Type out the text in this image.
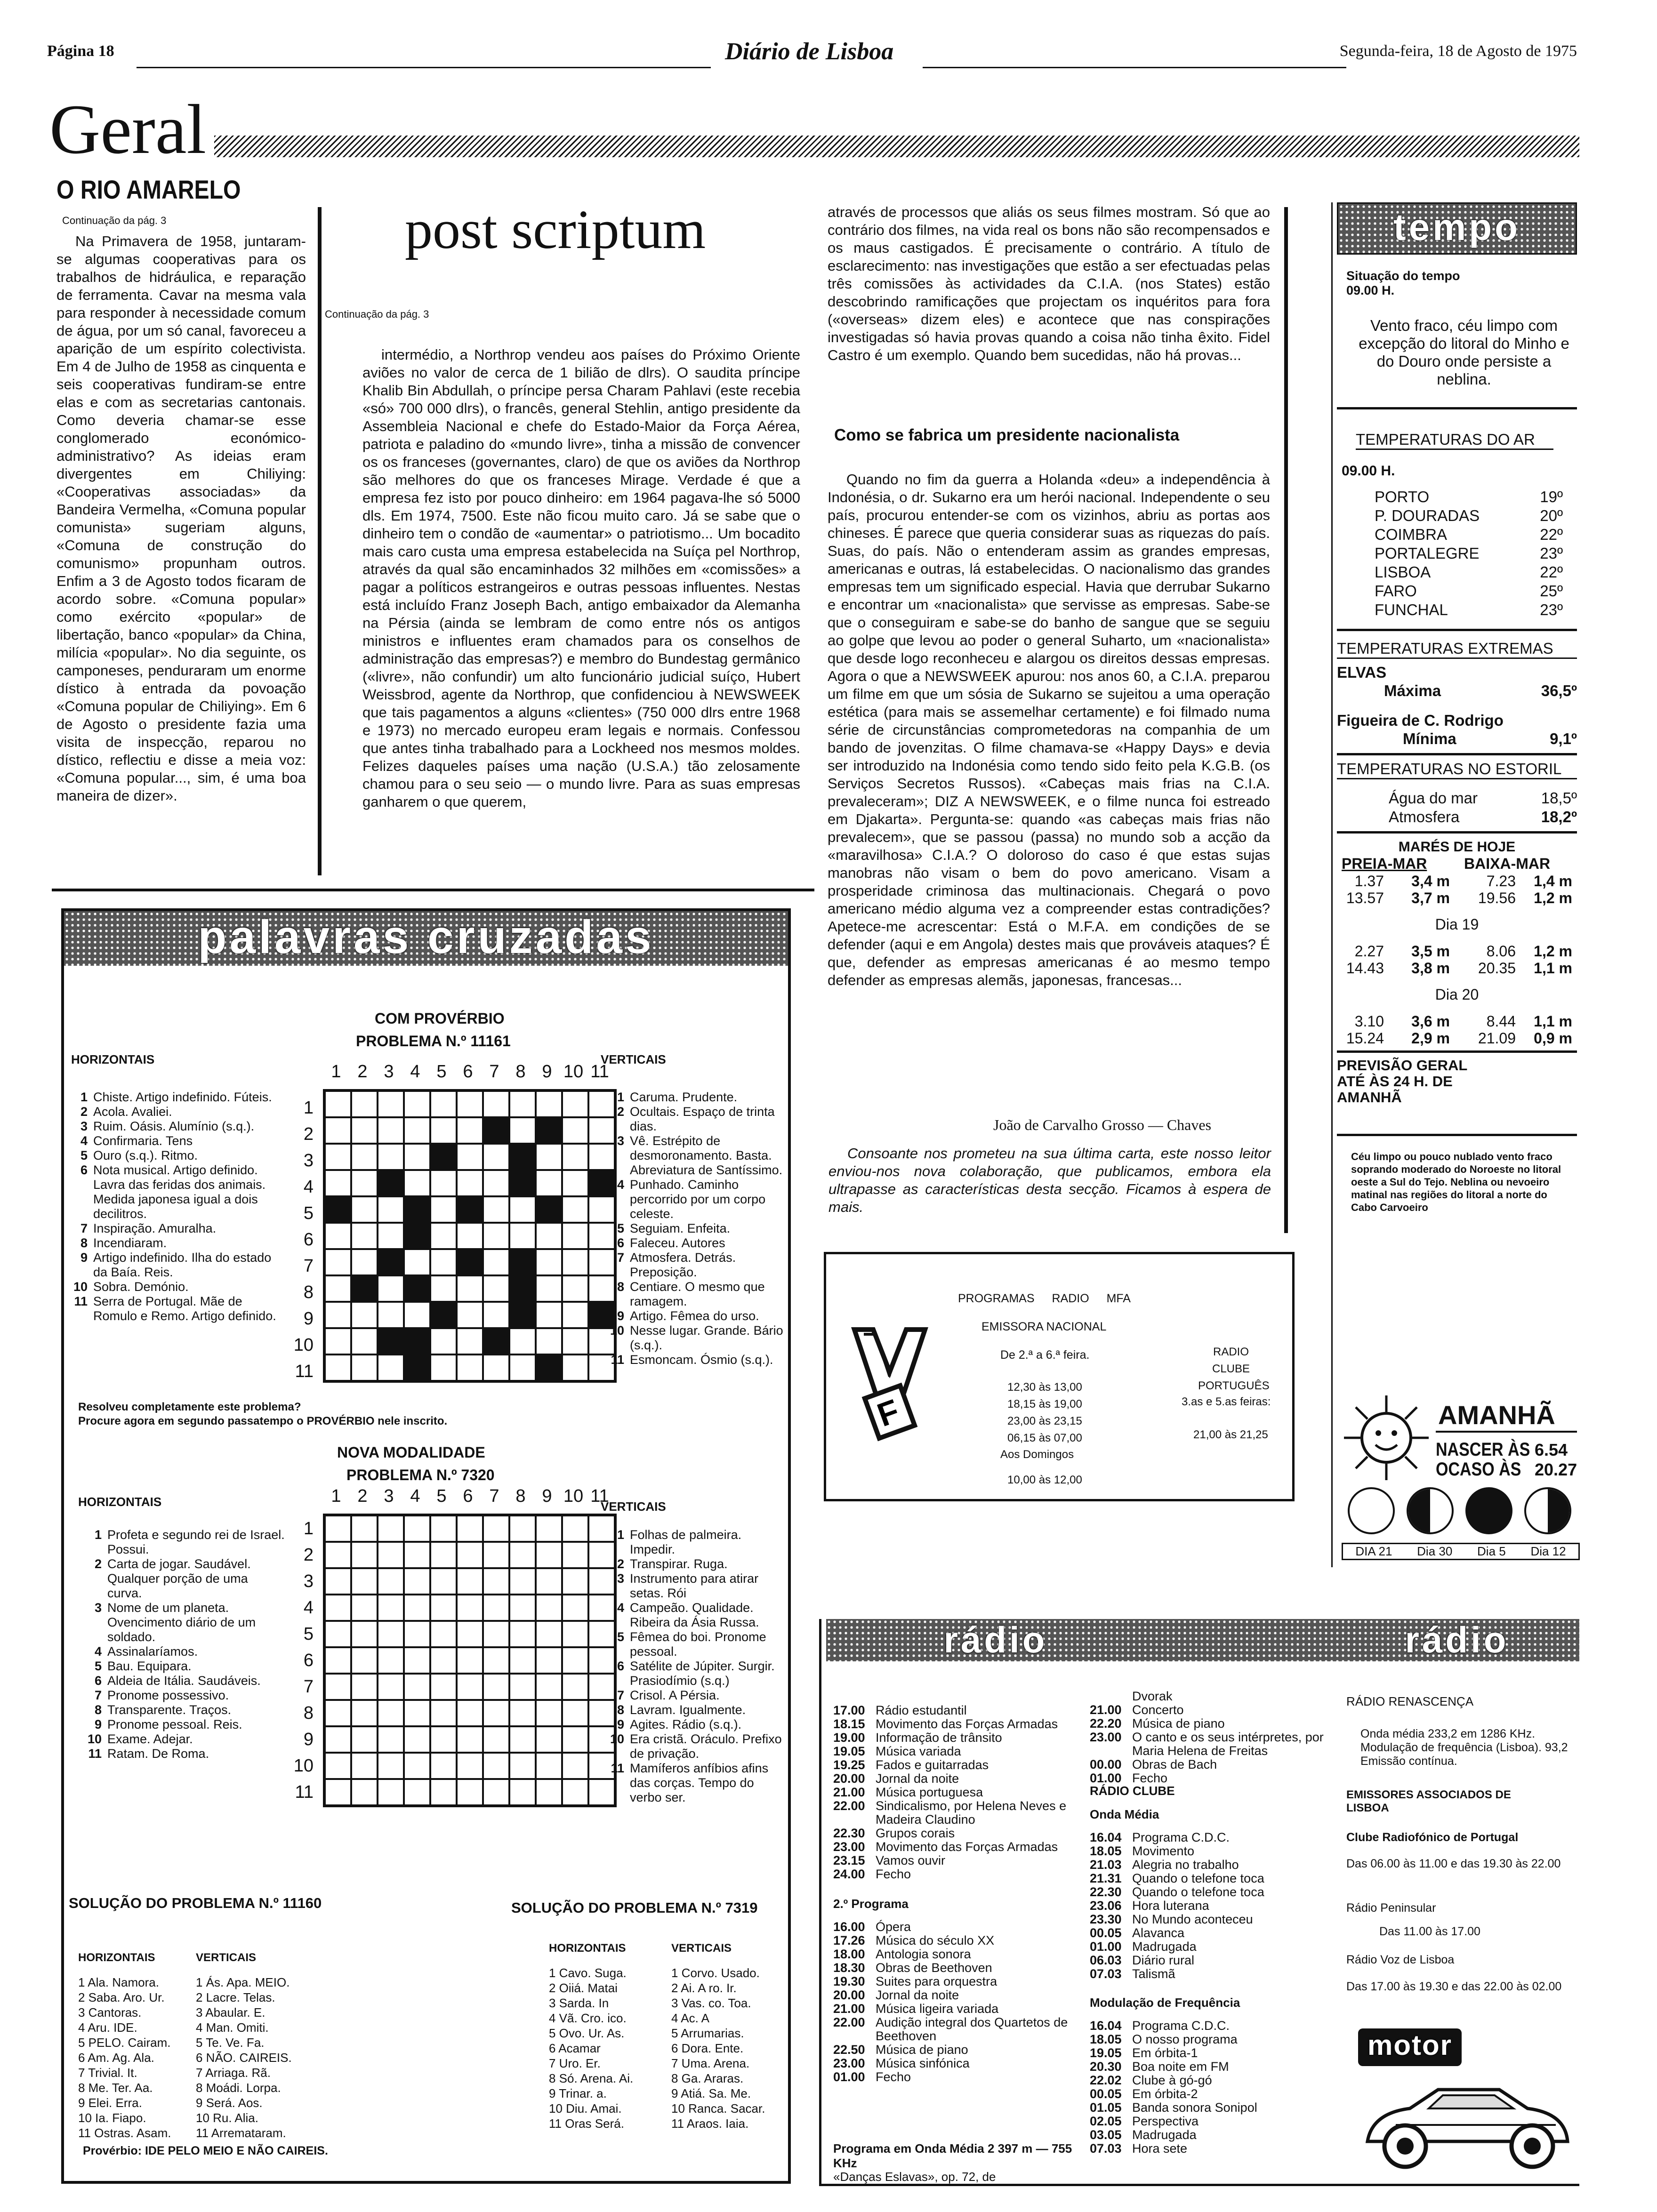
Página 18	Diário de Lisboa	Segunda-feira, 18 de Agosto de 1975
Geral
O RIO AMARELO
Continuação da pág. 3
Na Primavera de 1958, juntaram-se algumas cooperativas para os trabalhos de hidráulica, e reparação de ferramenta. Cavar na mesma vala para responder à necessidade comum de água, por um só canal, favoreceu a aparição de um espírito colectivista. Em 4 de Julho de 1958 as cinquenta e seis cooperativas fundiram-se entre elas e com as secretarias cantonais. Como deveria chamar-se esse conglomerado económico-administrativo? As ideias eram divergentes em Chiliying: «Cooperativas associadas» da Bandeira Vermelha, «Comuna popular comunista» sugeriam alguns, «Comuna de construção do comunismo» propunham outros. Enfim a 3 de Agosto todos ficaram de acordo sobre. «Comuna popular» como exército «popular» de libertação, banco «popular» da China, milícia «popular». No dia seguinte, os camponeses, penduraram um enorme dístico à entrada da povoação «Comuna popular de Chiliying». Em 6 de Agosto o presidente fazia uma visita de inspecção, reparou no dístico, reflectiu e disse a meia voz: «Comuna popular..., sim, é uma boa maneira de dizer».
post scriptum
Continuação da pág. 3
intermédio, a Northrop vendeu aos países do Próximo Oriente aviões no valor de cerca de 1 bilião de dlrs). O saudita príncipe Khalib Bin Abdullah, o príncipe persa Charam Pahlavi (este recebia «só» 700 000 dlrs), o francês, general Stehlin, antigo presidente da Assembleia Nacional e chefe do Estado-Maior da Força Aérea, patriota e paladino do «mundo livre», tinha a missão de convencer os os franceses (governantes, claro) de que os aviões da Northrop são melhores do que os franceses Mirage. Verdade é que a empresa fez isto por pouco dinheiro: em 1964 pagava-lhe só 5000 dls. Em 1974, 7500. Este não ficou muito caro. Já se sabe que o dinheiro tem o condão de «aumentar» o patriotismo... Um bocadito mais caro custa uma empresa estabelecida na Suíça pel Northrop, através da qual são encaminhados 32 milhões em «comissões» a pagar a políticos estrangeiros e outras pessoas influentes. Nestas está incluído Franz Joseph Bach, antigo embaixador da Alemanha na Pérsia (ainda se lembram de como entre nós os antigos ministros e influentes eram chamados para os conselhos de administração das empresas?) e membro do Bundestag germânico («livre», não confundir) um alto funcionário judicial suíço, Hubert Weissbrod, agente da Northrop, que confidenciou à NEWSWEEK que tais pagamentos a alguns «clientes» (750 000 dlrs entre 1968 e 1973) no mercado europeu eram legais e normais. Confessou que antes tinha trabalhado para a Lockheed nos mesmos moldes. Felizes daqueles países uma nação (U.S.A.) tão zelosamente chamou para o seu seio — o mundo livre. Para as suas empresas ganharem o que querem,
através de processos que aliás os seus filmes mostram. Só que ao contrário dos filmes, na vida real os bons não são recompensados e os maus castigados. É precisamente o contrário. A título de esclarecimento: nas investigações que estão a ser efectuadas pelas três comissões às actividades da C.I.A. (nos States) estão descobrindo ramificações que projectam os inquéritos para fora («overseas» dizem eles) e acontece que nas conspirações investigadas só havia provas quando a coisa não tinha êxito. Fidel Castro é um exemplo. Quando bem sucedidas, não há provas...
Como se fabrica um presidente nacionalista
Quando no fim da guerra a Holanda «deu» a independência à Indonésia, o dr. Sukarno era um herói nacional. Independente o seu país, procurou entender-se com os vizinhos, abriu as portas aos chineses. É parece que queria considerar suas as riquezas do país. Suas, do país. Não o entenderam assim as grandes empresas, americanas e outras, lá estabelecidas. O nacionalismo das grandes empresas tem um significado especial. Havia que derrubar Sukarno e encontrar um «nacionalista» que servisse as empresas. Sabe-se que o conseguiram e sabe-se do banho de sangue que se seguiu ao golpe que levou ao poder o general Suharto, um «nacionalista» que desde logo reconheceu e alargou os direitos dessas empresas. Agora o que a NEWSWEEK apurou: nos anos 60, a C.I.A. preparou um filme em que um sósia de Sukarno se sujeitou a uma operação estética (para mais se assemelhar certamente) e foi filmado numa série de circunstâncias comprometedoras na companhia de um bando de jovenzitas. O filme chamava-se «Happy Days» e devia ser introduzido na Indonésia como tendo sido feito pela K.G.B. (os Serviços Secretos Russos). «Cabeças mais frias na C.I.A. prevaleceram»; DIZ A NEWSWEEK, e o filme nunca foi estreado em Djakarta». Pergunta-se: quando «as cabeças mais frias não prevalecem», que se passou (passa) no mundo sob a acção da «maravilhosa» C.I.A.? O doloroso do caso é que estas sujas manobras não visam o bem do povo americano. Visam a prosperidade criminosa das multinacionais. Chegará o povo americano médio alguma vez a compreender estas contradições? Apetece-me acrescentar: Está o M.F.A. em condições de se defender (aqui e em Angola) destes mais que prováveis ataques? É que, defender as empresas americanas é ao mesmo tempo defender as empresas alemãs, japonesas, francesas...
João de Carvalho Grosso — Chaves
Consoante nos prometeu na sua última carta, este nosso leitor enviou-nos nova colaboração, que publicamos, embora ela ultrapasse as características desta secção. Ficamos à espera de mais.
palavras cruzadas
COM PROVÉRBIO
PROBLEMA N.º 11161
HORIZONTAIS	VERTICAIS
1 2 3 4 5 6 7 8 9 10 11
1
2
3
4
5
6
7
8
9
10
11
1 Chiste. Artigo indefinido. Fúteis.
2 Acola. Avaliei.
3 Ruim. Oásis. Alumínio (s.q.).
4 Confirmaria. Tens
5 Ouro (s.q.). Ritmo.
6 Nota musical. Artigo definido. Lavra das feridas dos animais. Medida japonesa igual a dois decilitros.
7 Inspiração. Amuralha.
8 Incendiaram.
9 Artigo indefinido. Ilha do estado da Baía. Reis.
10 Sobra. Demónio.
11 Serra de Portugal. Mãe de Romulo e Remo. Artigo definido.
1 Caruma. Prudente.
2 Ocultais. Espaço de trinta dias.
3 Vê. Estrépito de desmoronamento. Basta. Abreviatura de Santíssimo.
4 Punhado. Caminho percorrido por um corpo celeste.
5 Seguiam. Enfeita.
6 Faleceu. Autores
7 Atmosfera. Detrás. Preposição.
8 Centiare. O mesmo que ramagem.
9 Artigo. Fêmea do urso.
10 Nesse lugar. Grande. Bário (s.q.).
11 Esmoncam. Ósmio (s.q.).
Resolveu completamente este problema?
Procure agora em segundo passatempo o PROVÉRBIO nele inscrito.
NOVA MODALIDADE
PROBLEMA N.º 7320
HORIZONTAIS	VERTICAIS
1 2 3 4 5 6 7 8 9 10 11
1
2
3
4
5
6
7
8
9
10
11
1 Profeta e segundo rei de Israel. Possui.
2 Carta de jogar. Saudável. Qualquer porção de uma curva.
3 Nome de um planeta. Ovencimento diário de um soldado.
4 Assinalaríamos.
5 Bau. Equipara.
6 Aldeia de Itália. Saudáveis.
7 Pronome possessivo.
8 Transparente. Traços.
9 Pronome pessoal. Reis.
10 Exame. Adejar.
11 Ratam. De Roma.
1 Folhas de palmeira. Impedir.
2 Transpirar. Ruga.
3 Instrumento para atirar setas. Rói
4 Campeão. Qualidade. Ribeira da Ásia Russa.
5 Fêmea do boi. Pronome pessoal.
6 Satélite de Júpiter. Surgir. Prasiodímio (s.q.)
7 Crisol. A Pérsia.
8 Lavram. Igualmente.
9 Agites. Rádio (s.q.).
10 Era cristã. Oráculo. Prefixo de privação.
11 Mamíferos anfíbios afins das corças. Tempo do verbo ser.
SOLUÇÃO DO PROBLEMA N.º 11160	SOLUÇÃO DO PROBLEMA N.º 7319
HORIZONTAIS	VERTICAIS
HORIZONTAIS	VERTICAIS
1 Ala. Namora.
2 Saba. Aro. Ur.
3 Cantoras.
4 Aru. IDE.
5 PELO. Cairam.
6 Am. Ag. Ala.
7 Trivial. It.
8 Me. Ter. Aa.
9 Elei. Erra.
10 Ia. Fiapo.
11 Ostras. Asam.
1 Ás. Apa. MEIO.
2 Lacre. Telas.
3 Abaular. E.
4 Man. Omiti.
5 Te. Ve. Fa.
6 NÃO. CAIREIS.
7 Arriaga. Rã.
8 Moádi. Lorpa.
9 Será. Aos.
10 Ru. Alia.
11 Arremataram.
1 Cavo. Suga.
2 Oiiá. Matai
3 Sarda. In
4 Vã. Cro. ico.
5 Ovo. Ur. As.
6 Acamar
7 Uro. Er.
8 Só. Arena. Ai.
9 Trinar. a.
10 Diu. Amai.
11 Oras Será.
1 Corvo. Usado.
2 Ai. A ro. Ir.
3 Vas. co. Toa.
4 Ac. A
5 Arrumarias.
6 Dora. Ente.
7 Uma. Arena.
8 Ga. Araras.
9 Atiá. Sa. Me.
10 Ranca. Sacar.
11 Araos. Iaia.
Provérbio: IDE PELO MEIO E NÃO CAIREIS.
F
MFA
PROGRAMAS RADIO MFA
EMISSORA NACIONAL
De 2.ª a 6.ª feira.
12,30 às 13,00
18,15 às 19,00
23,00 às 23,15
06,15 às 07,00
Aos Domingos
10,00 às 12,00
RADIO CLUBE PORTUGUÊS
3.as e 5.as feiras:
21,00 às 21,25
tempo
Situação do tempo
09.00 H.
Vento fraco, céu limpo com excepção do litoral do Minho e do Douro onde persiste a neblina.
TEMPERATURAS DO AR
09.00 H.
PORTO	19º
P. DOURADAS	20º
COIMBRA	22º
PORTALEGRE	23º
LISBOA	22º
FARO	25º
FUNCHAL	23º
TEMPERATURAS EXTREMAS
ELVAS
Máxima	36,5º
Figueira de C. Rodrigo
Mínima	9,1º
TEMPERATURAS NO ESTORIL
Água do mar	18,5º
Atmosfera	18,2º
MARÉS DE HOJE
PREIA-MAR	BAIXA-MAR
1.37	3,4 m	7.23	1,4 m
13.57	3,7 m	19.56	1,2 m
Dia 19
2.27	3,5 m	8.06	1,2 m
14.43	3,8 m	20.35	1,1 m
Dia 20
3.10	3,6 m	8.44	1,1 m
15.24	2,9 m	21.09	0,9 m
PREVISÃO GERAL ATÉ ÀS 24 H. DE AMANHÃ
Céu limpo ou pouco nublado vento fraco soprando moderado do Noroeste no litoral oeste a Sul do Tejo. Neblina ou nevoeiro matinal nas regiões do litoral a norte do Cabo Carvoeiro
AMANHÃ
NASCER ÀS 6.54
OCASO ÀS 20.27
DIA 21 Dia 30 Dia 5 Dia 12
rádio	rádio
17.00 Rádio estudantil
18.15 Movimento das Forças Armadas
19.00 Informação de trânsito
19.05 Música variada
19.25 Fados e guitarradas
20.00 Jornal da noite
21.00 Música portuguesa
22.00 Sindicalismo, por Helena Neves e Madeira Claudino
22.30 Grupos corais
23.00 Movimento das Forças Armadas
23.15 Vamos ouvir
24.00 Fecho
2.º Programa
16.00 Ópera
17.26 Música do século XX
18.00 Antologia sonora
18.30 Obras de Beethoven
19.30 Suites para orquestra
20.00 Jornal da noite
21.00 Música ligeira variada
22.00 Audição integral dos Quartetos de Beethoven
22.50 Música de piano
23.00 Música sinfónica
01.00 Fecho
Programa em Onda Média 2 397 m — 755 KHz
«Danças Eslavas», op. 72, de
Dvorak
21.00 Concerto
22.20 Música de piano
23.00 O canto e os seus intérpretes, por Maria Helena de Freitas
00.00 Obras de Bach
01.00 Fecho
RÁDIO CLUBE
Onda Média
16.04 Programa C.D.C.
18.05 Movimento
21.03 Alegria no trabalho
21.31 Quando o telefone toca
22.30 Quando o telefone toca
23.06 Hora luterana
23.30 No Mundo aconteceu
00.05 Alavanca
01.00 Madrugada
06.03 Diário rural
07.03 Talismã
Modulação de Frequência
16.04 Programa C.D.C.
18.05 O nosso programa
19.05 Em órbita-1
20.30 Boa noite em FM
22.02 Clube à gó-gó
00.05 Em órbita-2
01.05 Banda sonora Sonipol
02.05 Perspectiva
03.05 Madrugada
07.03 Hora sete
RÁDIO RENASCENÇA
Onda média 233,2 em 1286 KHz. Modulação de frequência (Lisboa). 93,2 Emissão contínua.
EMISSORES ASSOCIADOS DE LISBOA
Clube Radiofónico de Portugal
Das 06.00 às 11.00 e das 19.30 às 22.00
Rádio Peninsular
Das 11.00 às 17.00
Rádio Voz de Lisboa
Das 17.00 às 19.30 e das 22.00 às 02.00
motor
